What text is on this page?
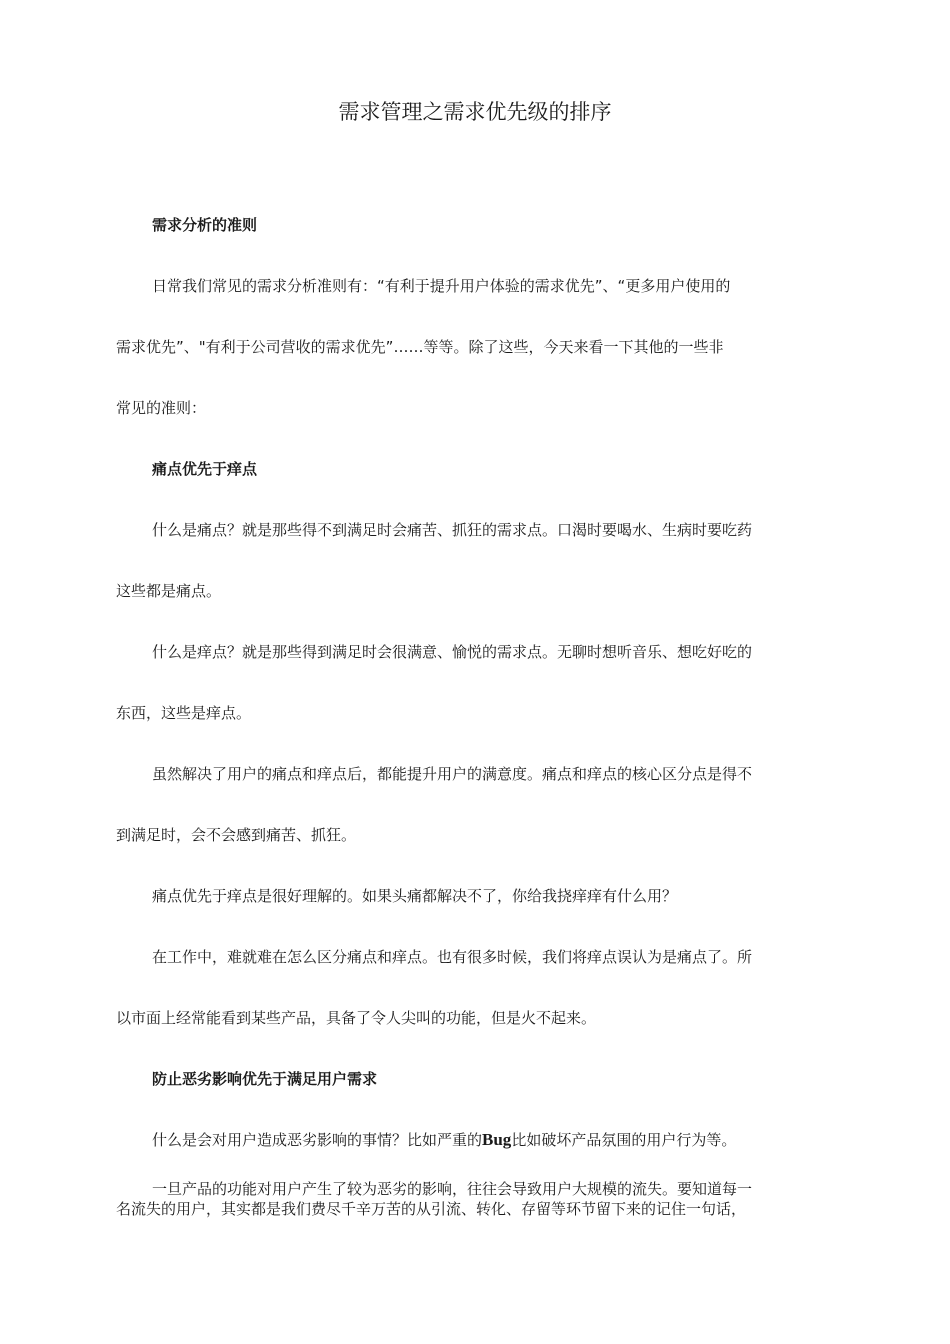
需求管理之需求优先级的排序
需求分析的准则
日常我们常见的需求分析准则有：“有利于提升用户体验的需求优先”、“更多用户使用的
需求优先”、"有利于公司营收的需求优先”……等等。除了这些，今天来看一下其他的一些非
常见的准则：
痛点优先于痒点
什么是痛点？就是那些得不到满足时会痛苦、抓狂的需求点。口渴时要喝水、生病时要吃药
这些都是痛点。
什么是痒点？就是那些得到满足时会很满意、愉悦的需求点。无聊时想听音乐、想吃好吃的
东西，这些是痒点。
虽然解决了用户的痛点和痒点后，都能提升用户的满意度。痛点和痒点的核心区分点是得不
到满足时，会不会感到痛苦、抓狂。
痛点优先于痒点是很好理解的。如果头痛都解决不了，你给我挠痒痒有什么用？
在工作中，难就难在怎么区分痛点和痒点。也有很多时候，我们将痒点误认为是痛点了。所
以市面上经常能看到某些产品，具备了令人尖叫的功能，但是火不起来。
防止恶劣影响优先于满足用户需求
什么是会对用户造成恶劣影响的事情？比如严重的Bug比如破坏产品氛围的用户行为等。
一旦产品的功能对用户产生了较为恶劣的影响，往往会导致用户大规模的流失。要知道每一
名流失的用户，其实都是我们费尽千辛万苦的从引流、转化、存留等环节留下来的记住一句话，
